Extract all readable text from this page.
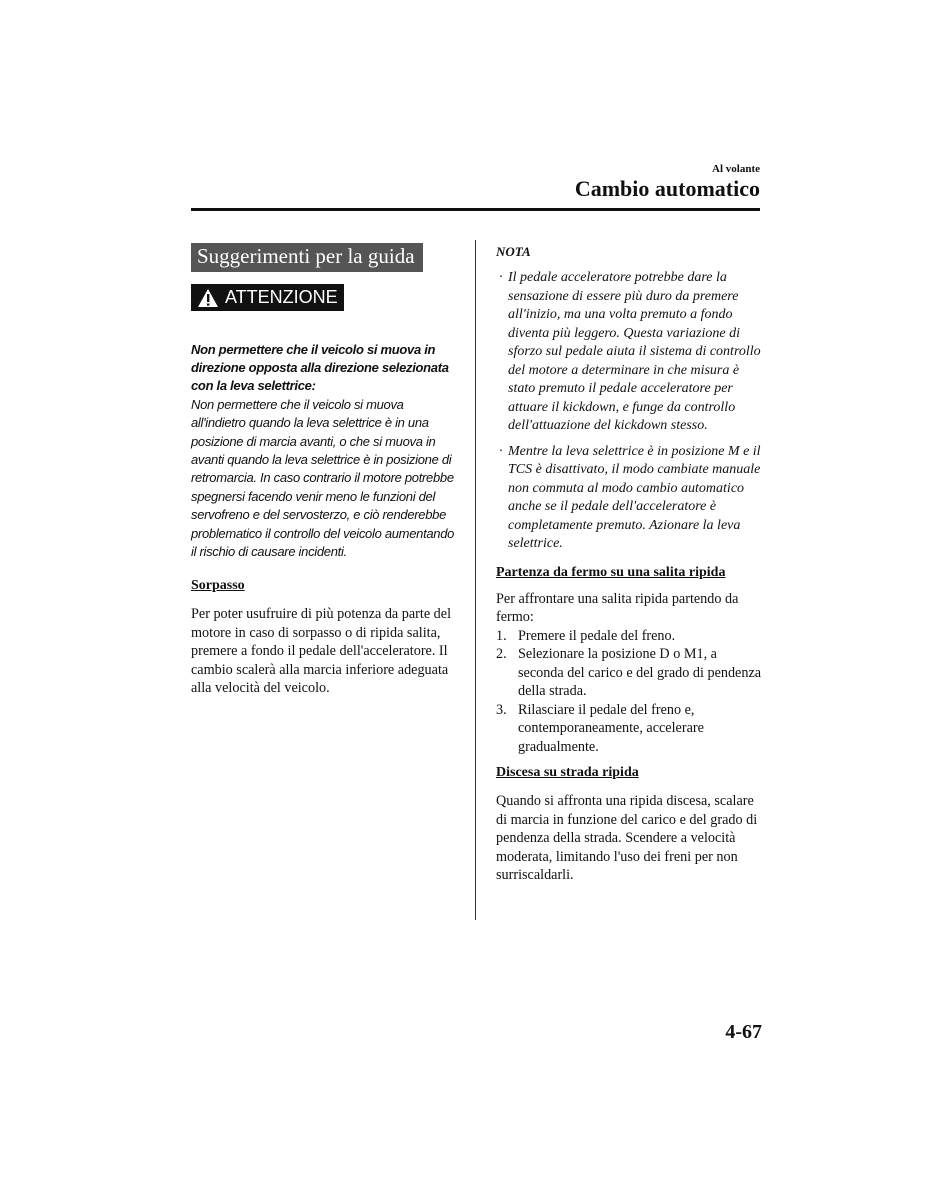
Al volante
Cambio automatico
Suggerimenti per la guida
ATTENZIONE
Non permettere che il veicolo si muova in direzione opposta alla direzione selezionata con la leva selettrice:
Non permettere che il veicolo si muova all'indietro quando la leva selettrice è in una posizione di marcia avanti, o che si muova in avanti quando la leva selettrice è in posizione di retromarcia. In caso contrario il motore potrebbe spegnersi facendo venir meno le funzioni del servofreno e del servosterzo, e ciò renderebbe problematico il controllo del veicolo aumentando il rischio di causare incidenti.
Sorpasso
Per poter usufruire di più potenza da parte del motore in caso di sorpasso o di ripida salita, premere a fondo il pedale dell'acceleratore. Il cambio scalerà alla marcia inferiore adeguata alla velocità del veicolo.
NOTA
· Il pedale acceleratore potrebbe dare la sensazione di essere più duro da premere all'inizio, ma una volta premuto a fondo diventa più leggero. Questa variazione di sforzo sul pedale aiuta il sistema di controllo del motore a determinare in che misura è stato premuto il pedale acceleratore per attuare il kickdown, e funge da controllo dell'attuazione del kickdown stesso.
· Mentre la leva selettrice è in posizione M e il TCS è disattivato, il modo cambiate manuale non commuta al modo cambio automatico anche se il pedale dell'acceleratore è completamente premuto. Azionare la leva selettrice.
Partenza da fermo su una salita ripida
Per affrontare una salita ripida partendo da fermo:
1. Premere il pedale del freno.
2. Selezionare la posizione D o M1, a seconda del carico e del grado di pendenza della strada.
3. Rilasciare il pedale del freno e, contemporaneamente, accelerare gradualmente.
Discesa su strada ripida
Quando si affronta una ripida discesa, scalare di marcia in funzione del carico e del grado di pendenza della strada. Scendere a velocità moderata, limitando l'uso dei freni per non surriscaldarli.
4-67
